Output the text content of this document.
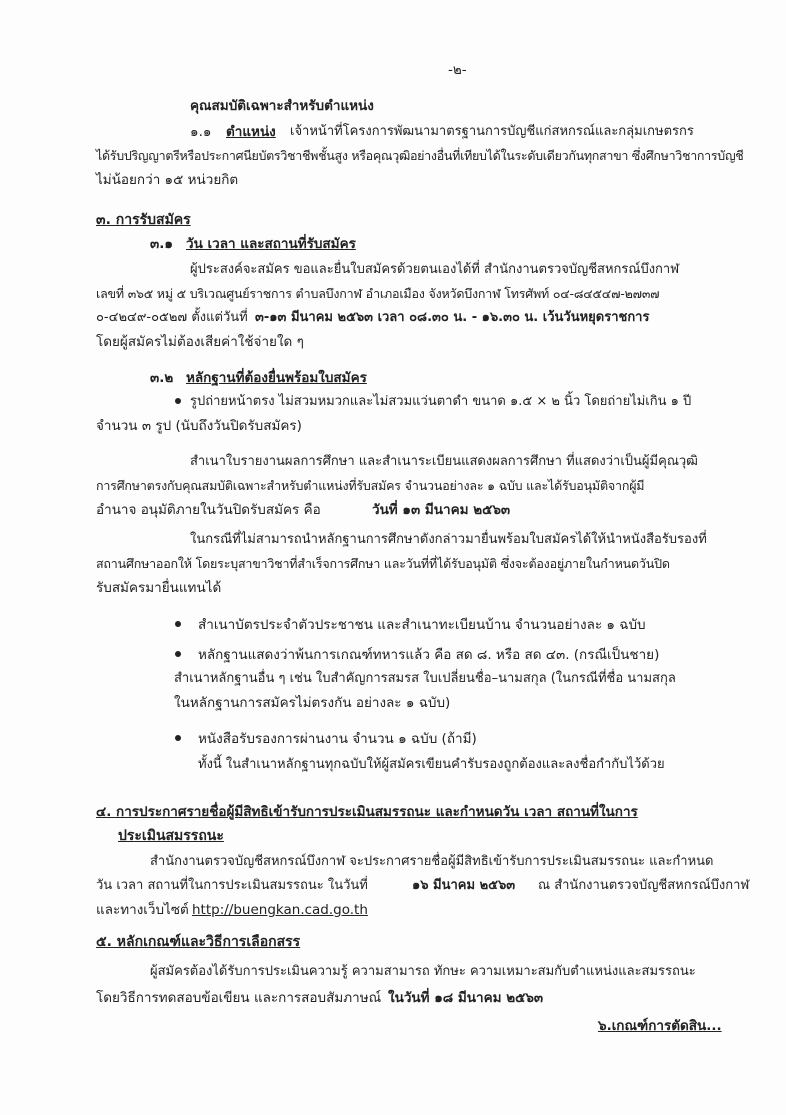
-๒-
คุณสมบัติเฉพาะสำหรับตำแหน่ง
๑.๑ ตำแหน่ง เจ้าหน้าที่โครงการพัฒนามาตรฐานการบัญชีแก่สหกรณ์และกลุ่มเกษตรกร
ได้รับปริญญาตรีหรือประกาศนียบัตรวิชาชีพชั้นสูง หรือคุณวุฒิอย่างอื่นที่เทียบได้ในระดับเดียวกันทุกสาขา ซึ่งศึกษาวิชาการบัญชี
ไม่น้อยกว่า ๑๕ หน่วยกิต
๓. การรับสมัคร
๓.๑ วัน เวลา และสถานที่รับสมัคร
ผู้ประสงค์จะสมัคร ขอและยื่นใบสมัครด้วยตนเองได้ที่ สำนักงานตรวจบัญชีสหกรณ์บึงกาฬ
เลขที่ ๓๖๕ หมู่ ๕ บริเวณศูนย์ราชการ ตำบลบึงกาฬ อำเภอเมือง จังหวัดบึงกาฬ โทรศัพท์ ๐๔-๘๔๕๔๗-๒๗๓๗
๐-๔๒๔๙-๐๕๒๗ ตั้งแต่วันที่ ๓-๑๓ มีนาคม ๒๕๖๓ เวลา ๐๘.๓๐ น. - ๑๖.๓๐ น. เว้นวันหยุดราชการ
โดยผู้สมัครไม่ต้องเสียค่าใช้จ่ายใด ๆ
๓.๒ หลักฐานที่ต้องยื่นพร้อมใบสมัคร
รูปถ่ายหน้าตรง ไม่สวมหมวกและไม่สวมแว่นตาดำ ขนาด ๑.๕ × ๒ นิ้ว โดยถ่ายไม่เกิน ๑ ปี
จำนวน ๓ รูป (นับถึงวันปิดรับสมัคร)
สำเนาใบรายงานผลการศึกษา และสำเนาระเบียนแสดงผลการศึกษา ที่แสดงว่าเป็นผู้มีคุณวุฒิ
การศึกษาตรงกับคุณสมบัติเฉพาะสำหรับตำแหน่งที่รับสมัคร จำนวนอย่างละ ๑ ฉบับ และได้รับอนุมัติจากผู้มี
อำนาจ อนุมัติภายในวันปิดรับสมัคร คือ	วันที่ ๑๓ มีนาคม ๒๕๖๓
ในกรณีที่ไม่สามารถนำหลักฐานการศึกษาดังกล่าวมายื่นพร้อมใบสมัครได้ให้นำหนังสือรับรองที่
สถานศึกษาออกให้ โดยระบุสาขาวิชาที่สำเร็จการศึกษา และวันที่ที่ได้รับอนุมัติ ซึ่งจะต้องอยู่ภายในกำหนดวันปิด
รับสมัครมายื่นแทนได้
สำเนาบัตรประจำตัวประชาชน และสำเนาทะเบียนบ้าน จำนวนอย่างละ ๑ ฉบับ
หลักฐานแสดงว่าพ้นการเกณฑ์ทหารแล้ว คือ สด ๘. หรือ สด ๔๓. (กรณีเป็นชาย)
สำเนาหลักฐานอื่น ๆ เช่น ใบสำคัญการสมรส ใบเปลี่ยนชื่อ–นามสกุล (ในกรณีที่ชื่อ นามสกุล
ในหลักฐานการสมัครไม่ตรงกัน อย่างละ ๑ ฉบับ)
หนังสือรับรองการผ่านงาน จำนวน ๑ ฉบับ (ถ้ามี)
ทั้งนี้ ในสำเนาหลักฐานทุกฉบับให้ผู้สมัครเขียนคำรับรองถูกต้องและลงชื่อกำกับไว้ด้วย
๔. การประกาศรายชื่อผู้มีสิทธิเข้ารับการประเมินสมรรถนะ และกำหนดวัน เวลา สถานที่ในการ
ประเมินสมรรถนะ
สำนักงานตรวจบัญชีสหกรณ์บึงกาฬ จะประกาศรายชื่อผู้มีสิทธิเข้ารับการประเมินสมรรถนะ และกำหนด
วัน เวลา สถานที่ในการประเมินสมรรถนะ ในวันที่	๑๖ มีนาคม ๒๕๖๓ ณ สำนักงานตรวจบัญชีสหกรณ์บึงกาฬ
และทางเว็บไซต์ http://buengkan.cad.go.th
๕. หลักเกณฑ์และวิธีการเลือกสรร
ผู้สมัครต้องได้รับการประเมินความรู้ ความสามารถ ทักษะ ความเหมาะสมกับตำแหน่งและสมรรถนะ
โดยวิธีการทดสอบข้อเขียน และการสอบสัมภาษณ์ ในวันที่ ๑๘ มีนาคม ๒๕๖๓
๖.เกณฑ์การตัดสิน...
